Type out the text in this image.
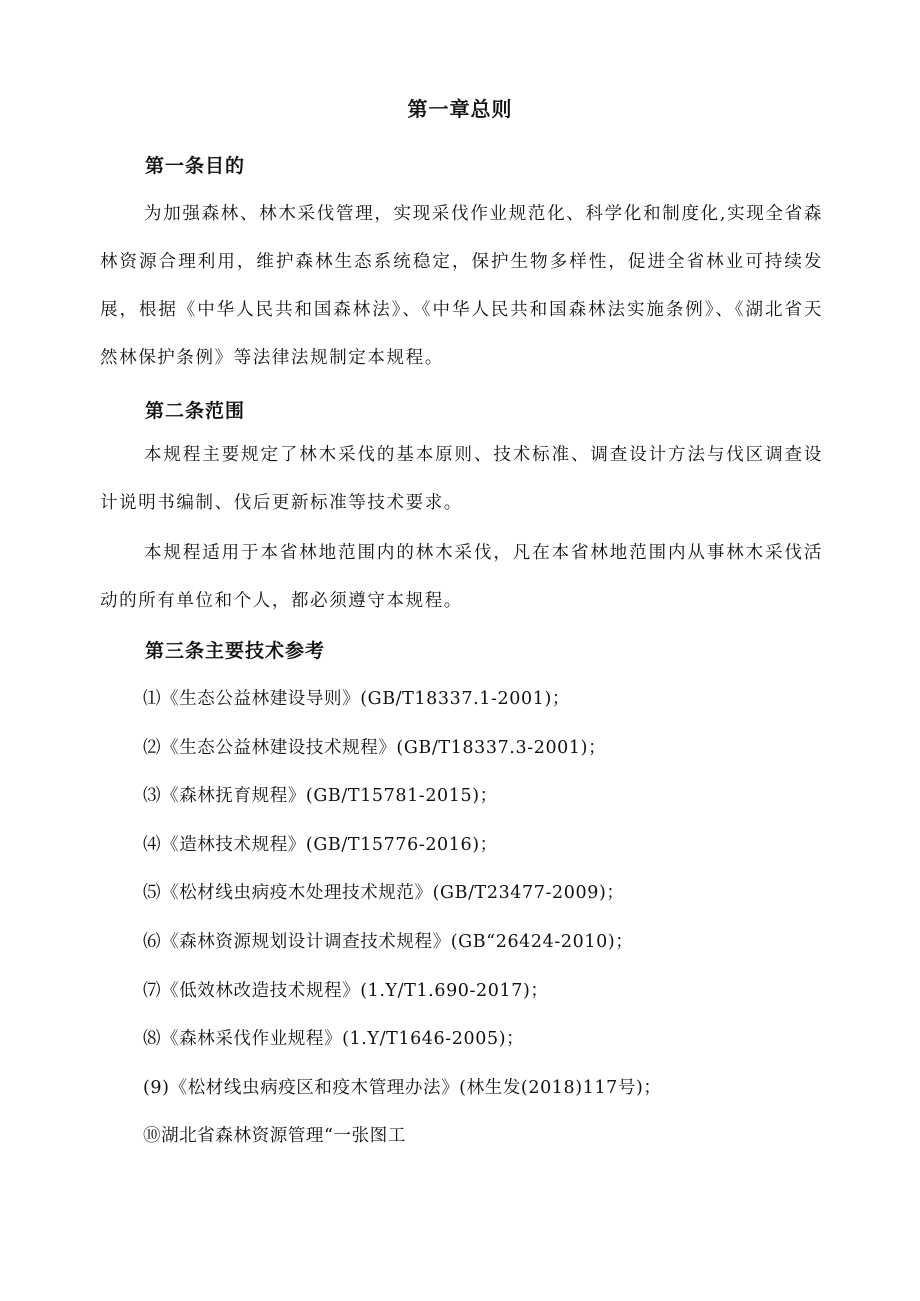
第一章总则
第一条目的

为加强森林、林木采伐管理，实现采伐作业规范化、科学化和制度化,实现全省森林资源合理利用，维护森林生态系统稳定，保护生物多样性，促进全省林业可持续发展，根据《中华人民共和国森林法》、《中华人民共和国森林法实施条例》、《湖北省天然林保护条例》等法律法规制定本规程。

第二条范围

本规程主要规定了林木采伐的基本原则、技术标准、调查设计方法与伐区调查设计说明书编制、伐后更新标准等技术要求。

本规程适用于本省林地范围内的林木采伐，凡在本省林地范围内从事林木采伐活动的所有单位和个人，都必须遵守本规程。

第三条主要技术参考
⑴《生态公益林建设导则》(GB/T18337.1-2001)；
⑵《生态公益林建设技术规程》(GB/T18337.3-2001)；
⑶《森林抚育规程》(GB/T15781-2015)；
⑷《造林技术规程》(GB/T15776-2016)；
⑸《松材线虫病疫木处理技术规范》(GB/T23477-2009)；
⑹《森林资源规划设计调查技术规程》(GB“26424-2010)；
⑺《低效林改造技术规程》(1.Y/T1.690-2017)；
⑻《森林采伐作业规程》(1.Y/T1646-2005)；
(9)《松材线虫病疫区和疫木管理办法》(林生发(2018)117号)；
⑩湖北省森林资源管理“一张图工
